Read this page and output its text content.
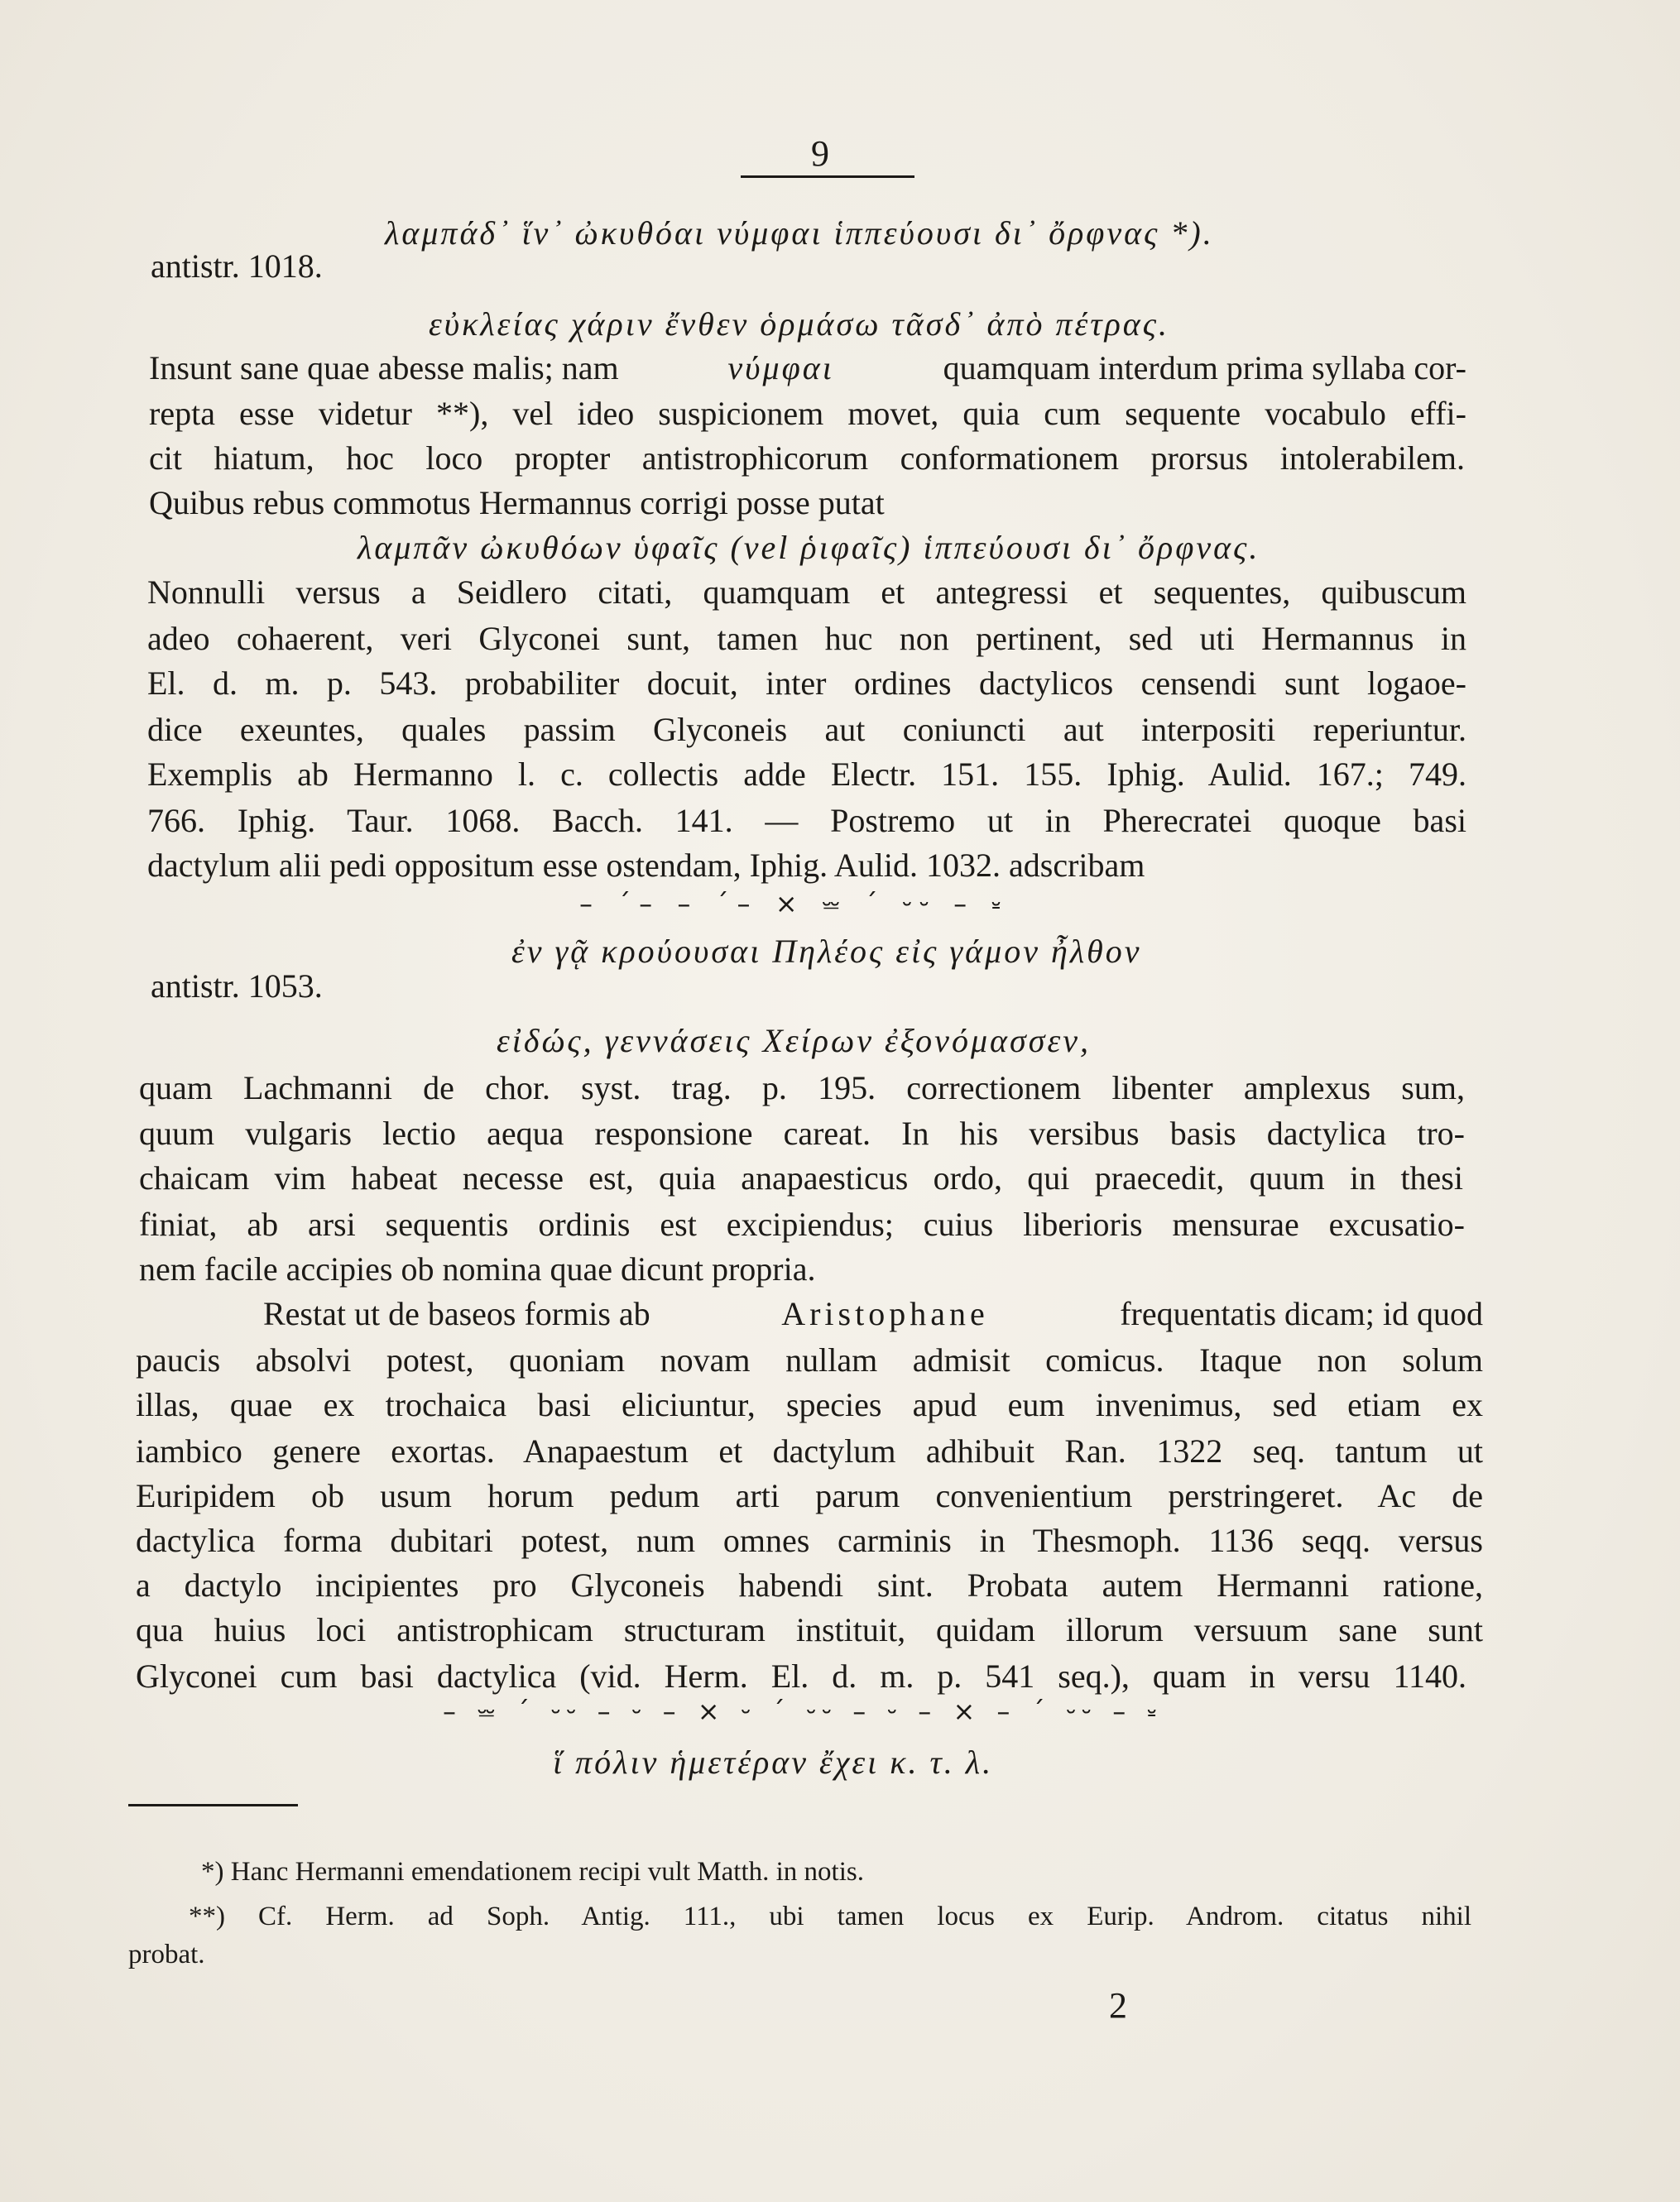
9
λαμπάδ᾽ ἵν᾽ ὠκυθόαι νύμφαι ἱππεύουσι δι᾽ ὄρφνας *).
antistr. 1018.
εὐκλείας χάριν ἔνθεν ὁρμάσω τᾶσδ᾽ ἀπὸ πέτρας.
Insunt sane quae abesse malis; nam	νύμφαι	quamquam interdum prima syllaba cor-
repta esse videtur **), vel ideo suspicionem movet, quia cum sequente vocabulo effi-
cit hiatum, hoc loco propter antistrophicorum conformationem prorsus intolerabilem.
Quibus rebus commotus Hermannus corrigi posse putat
λαμπᾶν ὠκυθόων ὑφαῖς (vel ῥιφαῖς) ἱππεύουσι δι᾽ ὄρφνας.
Nonnulli versus a Seidlero citati, quamquam et antegressi et sequentes, quibuscum
adeo cohaerent, veri Glyconei sunt, tamen huc non pertinent, sed uti Hermannus in
El. d. m. p. 543. probabiliter docuit, inter ordines dactylicos censendi sunt logaoe-
dice exeuntes, quales passim Glyconeis aut coniuncti aut interpositi reperiuntur.
Exemplis ab Hermanno l. c. collectis adde Electr. 151. 155. Iphig. Aulid. 167.; 749.
766. Iphig. Taur. 1068. Bacch. 141. — Postremo ut in Pherecratei quoque basi
dactylum alii pedi oppositum esse ostendam, Iphig. Aulid. 1032. adscribam
– ´– – ´– × ⏕ ´ ⏑⏑ – ⏓
ἐν γᾷ κρούουσαι Πηλέος εἰς γάμον ἦλθον
antistr. 1053.
εἰδώς, γεννάσεις Χείρων ἐξονόμασσεν,
quam Lachmanni de chor. syst. trag. p. 195. correctionem libenter amplexus sum,
quum vulgaris lectio aequa responsione careat. In his versibus basis dactylica tro-
chaicam vim habeat necesse est, quia anapaesticus ordo, qui praecedit, quum in thesi
finiat, ab arsi sequentis ordinis est excipiendus; cuius liberioris mensurae excusatio-
nem facile accipies ob nomina quae dicunt propria.
Restat ut de baseos formis ab	Aristophane	frequentatis dicam; id quod
paucis absolvi potest, quoniam novam nullam admisit comicus. Itaque non solum
illas, quae ex trochaica basi eliciuntur, species apud eum invenimus, sed etiam ex
iambico genere exortas. Anapaestum et dactylum adhibuit Ran. 1322 seq. tantum ut
Euripidem ob usum horum pedum arti parum convenientium perstringeret. Ac de
dactylica forma dubitari potest, num omnes carminis in Thesmoph. 1136 seqq. versus
a dactylo incipientes pro Glyconeis habendi sint. Probata autem Hermanni ratione,
qua huius loci antistrophicam structuram instituit, quidam illorum versuum sane sunt
Glyconei cum basi dactylica (vid. Herm. El. d. m. p. 541 seq.), quam in versu 1140.
– ⏕ ´ ⏑⏑ – ⏑ – × ⏑ ´ ⏑⏑ – ⏑ – × – ´ ⏑⏑ – ⏓
ἵ πόλιν ἡμετέραν ἔχει κ. τ. λ.
*) Hanc Hermanni emendationem recipi vult Matth. in notis.
**) Cf. Herm. ad Soph. Antig. 111., ubi tamen locus ex Eurip. Androm. citatus nihil
probat.
2
